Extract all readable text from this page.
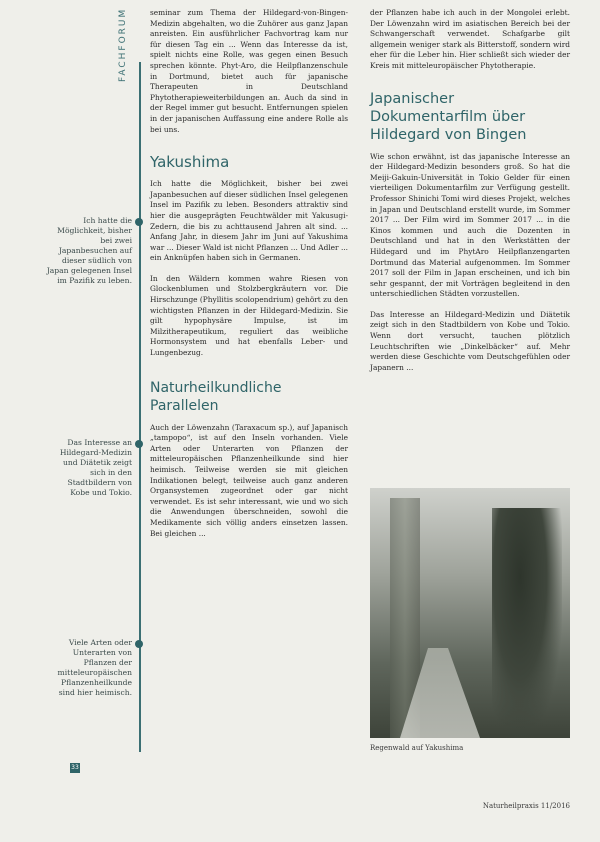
FACHFORUM
Ich hatte die Möglichkeit, bisher bei zwei Japanbesuchen auf dieser südlich von Japan gelegenen Insel im Pazifik zu leben.
Das Interesse an Hildegard-Medizin und Diätetik zeigt sich in den Stadtbildern von Kobe und Tokio.
Viele Arten oder Unterarten von Pflanzen der mitteleuropäischen Pflanzenheilkunde sind hier heimisch.

seminar zum Thema der Hildegard-von-Bingen-Medizin abgehalten, wo die Zuhörer aus ganz Japan anreisten. Ein ausführlicher Fachvortrag kam nur für diesen Tag ein ... Wenn das Interesse da ist, spielt nichts eine Rolle, was gegen einen Besuch sprechen könnte. Phyt-Aro, die Heilpflanzenschule in Dortmund, bietet auch für japanische Therapeuten in Deutschland Phytotherapieweiterbildungen an. Auch da sind in der Regel immer gut besucht. Entfernungen spielen in der japanischen Auffassung eine andere Rolle als bei uns.

Yakushima

Ich hatte die Möglichkeit, bisher bei zwei Japanbesuchen auf dieser südlichen Insel gelegenen Insel im Pazifik zu leben. Besonders attraktiv sind hier die ausgeprägten Feuchtwälder mit Yakusugi-Zedern, die bis zu achttausend Jahren alt sind. ... Anfang Jahr, in diesem Jahr im Juni auf Yakushima war ... Dieser Wald ist nicht Pflanzen ... Und Adler ... ein Anknüpfen haben sich in Germanen.

In den Wäldern kommen wahre Riesen von Glockenblumen und Stolzbergkräutern vor. Die Hirschzunge (Phyllitis scolopendrium) gehört zu den wichtigsten Pflanzen in der Hildegard-Medizin. Sie gilt hypophysäre Impulse, ist im Milzitherapeutikum, reguliert das weibliche Hormonsystem und hat ebenfalls Leber- und Lungenbezug.

Naturheilkundliche Parallelen

Auch der Löwenzahn (Taraxacum sp.), auf Japanisch „tampopo“, ist auf den Inseln vorhanden. Viele Arten oder Unterarten von Pflanzen der mitteleuropäischen Pflanzenheilkunde sind hier heimisch. Teilweise werden sie mit gleichen Indikationen belegt, teilweise auch ganz anderen Organsystemen zugeordnet oder gar nicht verwendet. Es ist sehr interessant, wie und wo sich die Anwendungen überschneiden, sowohl die Medikamente sich völlig anders einsetzen lassen. Bei gleichen ...

der Pflanzen habe ich auch in der Mongolei erlebt. Der Löwenzahn wird im asiatischen Bereich bei der Schwangerschaft verwendet. Schafgarbe gilt allgemein weniger stark als Bitterstoff, sondern wird eher für die Leber hin. Hier schließt sich wieder der Kreis mit mitteleuropäischer Phytotherapie.

Japanischer Dokumentarfilm über Hildegard von Bingen

Wie schon erwähnt, ist das japanische Interesse an der Hildegard-Medizin besonders groß. So hat die Meiji-Gakuin-Universität in Tokio Gelder für einen vierteiligen Dokumentarfilm zur Verfügung gestellt. Professor Shinichi Tomi wird dieses Projekt, welches in Japan und Deutschland erstellt wurde, im Sommer 2017 ... Der Film wird im Sommer 2017 ... in die Kinos kommen und auch die Dozenten in Deutschland und hat in den Werkstätten der Hildegard und im PhytAro Heilpflanzengarten Dortmund das Material aufgenommen. Im Sommer 2017 soll der Film in Japan erscheinen, und ich bin sehr gespannt, der mit Vorträgen begleitend in den unterschiedlichen Städten vorzustellen.

Das Interesse an Hildegard-Medizin und Diätetik zeigt sich in den Stadtbildern von Kobe und Tokio. Wenn dort versucht, tauchen plötzlich Leuchtschriften wie „Dinkelbäcker“ auf. Mehr werden diese Geschichte vom Deutschgefühlen oder Japanern ...

Regenwald auf Yakushima
33
Naturheilpraxis 11/2016
